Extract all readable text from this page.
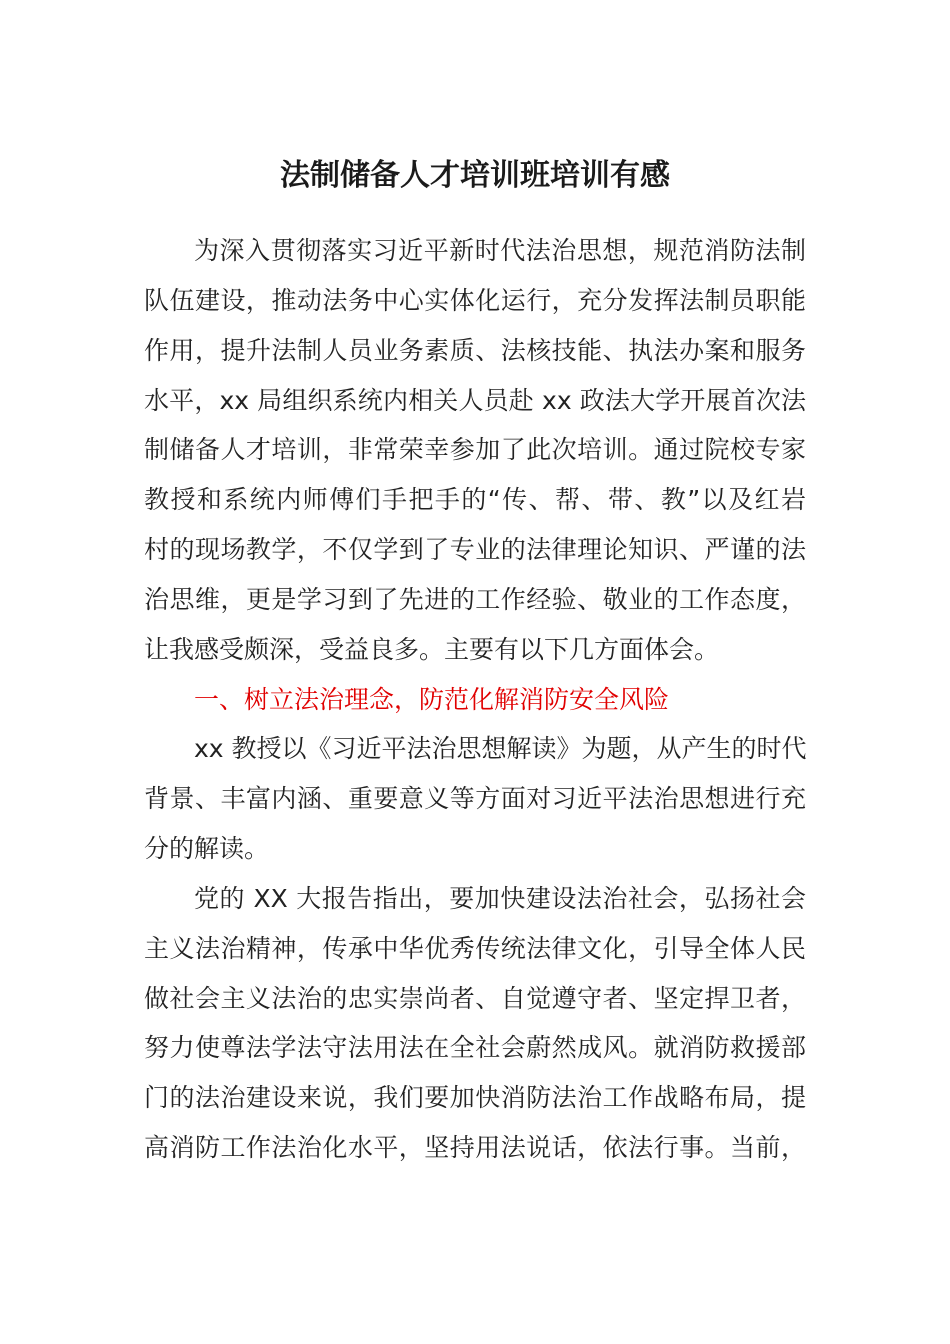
法制储备人才培训班培训有感
为深入贯彻落实习近平新时代法治思想，规范消防法制
队伍建设，推动法务中心实体化运行，充分发挥法制员职能
作用，提升法制人员业务素质、法核技能、执法办案和服务
水平，xx 局组织系统内相关人员赴 xx 政法大学开展首次法
制储备人才培训，非常荣幸参加了此次培训。通过院校专家
教授和系统内师傅们手把手的“传、帮、带、教”以及红岩
村的现场教学，不仅学到了专业的法律理论知识、严谨的法
治思维，更是学习到了先进的工作经验、敬业的工作态度，
让我感受颇深，受益良多。主要有以下几方面体会。
一、树立法治理念，防范化解消防安全风险
xx 教授以《习近平法治思想解读》为题，从产生的时代
背景、丰富内涵、重要意义等方面对习近平法治思想进行充
分的解读。
党的 XX 大报告指出，要加快建设法治社会，弘扬社会
主义法治精神，传承中华优秀传统法律文化，引导全体人民
做社会主义法治的忠实崇尚者、自觉遵守者、坚定捍卫者，
努力使尊法学法守法用法在全社会蔚然成风。就消防救援部
门的法治建设来说，我们要加快消防法治工作战略布局，提
高消防工作法治化水平，坚持用法说话，依法行事。当前，
